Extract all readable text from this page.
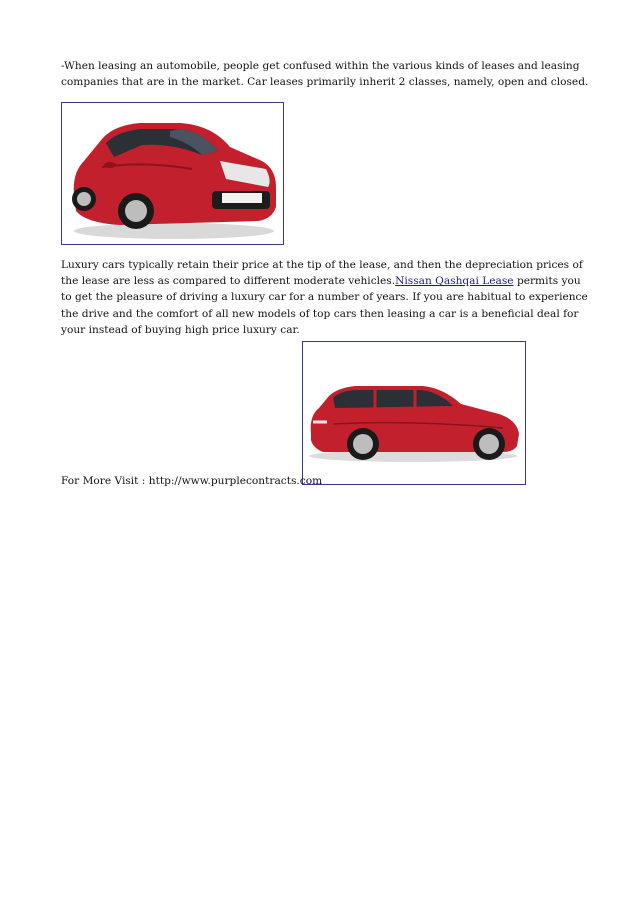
-When leasing an automobile, people get confused within the various kinds of leases and leasing companies that are in the market. Car leases primarily inherit 2 classes, namely, open and closed.

Luxury cars typically retain their price at the tip of the lease, and then the depreciation prices of the lease are less as compared to different moderate vehicles.Nissan Qashqai Lease permits you to get the pleasure of driving a luxury car for a number of years. If you are habitual to experience the drive and the comfort of all new models of top cars then leasing a car is a beneficial deal for your instead of buying high price luxury car.

For More Visit : http://www.purplecontracts.com
